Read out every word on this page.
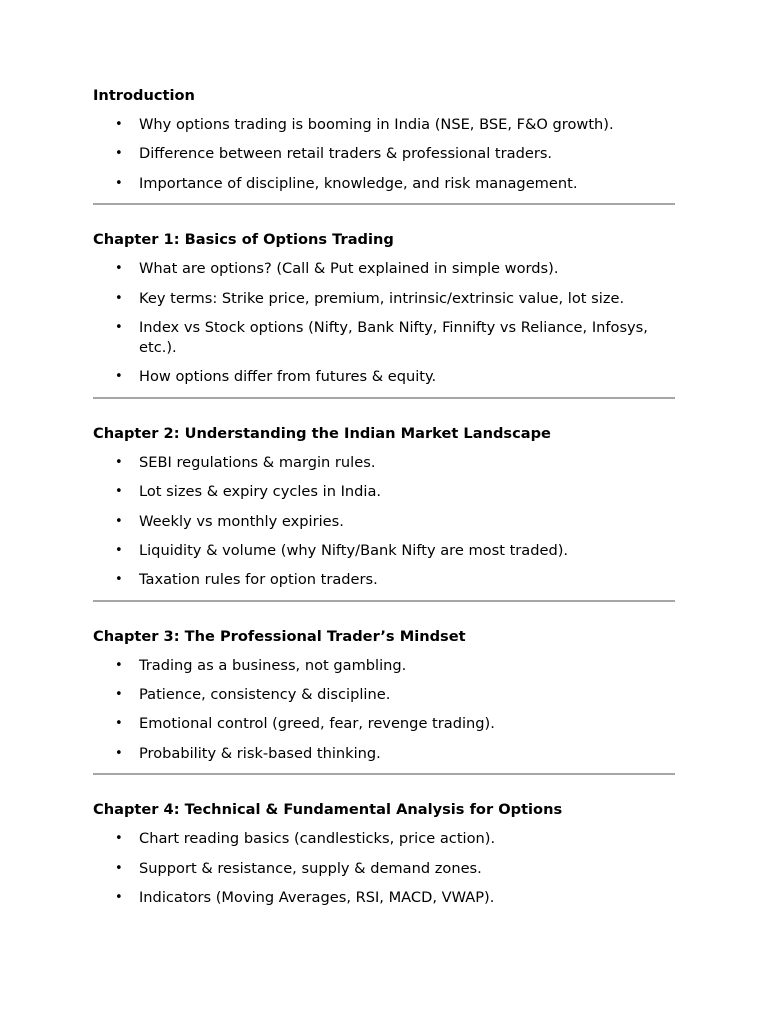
Introduction
• Why options trading is booming in India (NSE, BSE, F&O growth).
• Difference between retail traders & professional traders.
• Importance of discipline, knowledge, and risk management.
Chapter 1: Basics of Options Trading
• What are options? (Call & Put explained in simple words).
• Key terms: Strike price, premium, intrinsic/extrinsic value, lot size.
• Index vs Stock options (Nifty, Bank Nifty, Finnifty vs Reliance, Infosys, etc.).
• How options differ from futures & equity.
Chapter 2: Understanding the Indian Market Landscape
• SEBI regulations & margin rules.
• Lot sizes & expiry cycles in India.
• Weekly vs monthly expiries.
• Liquidity & volume (why Nifty/Bank Nifty are most traded).
• Taxation rules for option traders.
Chapter 3: The Professional Trader’s Mindset
• Trading as a business, not gambling.
• Patience, consistency & discipline.
• Emotional control (greed, fear, revenge trading).
• Probability & risk-based thinking.
Chapter 4: Technical & Fundamental Analysis for Options
• Chart reading basics (candlesticks, price action).
• Support & resistance, supply & demand zones.
• Indicators (Moving Averages, RSI, MACD, VWAP).
